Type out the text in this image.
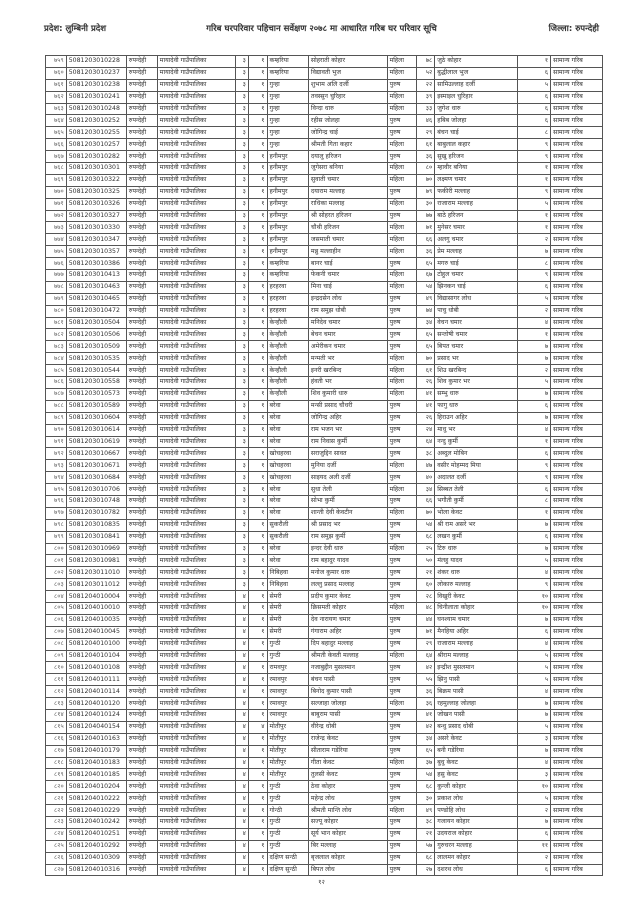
प्रदेश: लुम्बिनी प्रदेश	गरिब घरपरिवार पहिचान सर्वेक्षण २०७८ मा आधारित गरिब घर परिवार सूचि	जिल्ला: रुपन्देही
७५९	5081203010228	रुपन्देही	मायादेवी गाउँपालिका	३	१	कम्हरिया	सोहराती कोहार	महिला	७८	जुठे कोहार	१	सामान्य गरिब
७६०	5081203010237	रुपन्देही	मायादेवी गाउँपालिका	३	१	कम्हरिया	विद्यावती भुज	महिला	५२	बुद्धीलाल भुज	६	सामान्य गरिब
७६१	5081203010238	रुपन्देही	मायादेवी गाउँपालिका	३	१	गुन्हा	शुभाम अलि दर्जी	पुरुष	२२	सामिउल्लाह दर्जी	५	सामान्य गरिब
७६२	5081203010241	रुपन्देही	मायादेवी गाउँपालिका	३	१	गुन्हा	तवस्सुन चुरिहार	महिला	३९	इस्माइल चुरिहार	६	सामान्य गरिब
७६३	5081203010248	रुपन्देही	मायादेवी गाउँपालिका	३	१	गुन्हा	विन्दा धारु	महिला	३३	जुगेश धारु	६	सामान्य गरिब
७६४	5081203010252	रुपन्देही	मायादेवी गाउँपालिका	३	१	गुन्हा	रहीस जोलहा	पुरुष	४६	हबिब जोलहा	६	सामान्य गरिब
७६५	5081203010255	रुपन्देही	मायादेवी गाउँपालिका	३	१	गुन्हा	जोगिन्द्र चाई	पुरुष	२९	बंचन चाई	८	सामान्य गरिब
७६६	5081203010257	रुपन्देही	मायादेवी गाउँपालिका	३	१	गुन्हा	श्रीमती गिता कहार	महिला	६१	बाबुलाल कहार	९	सामान्य गरिब
७६७	5081203010282	रुपन्देही	मायादेवी गाउँपालिका	३	१	हनीमपुर	दयालु हरिजन	पुरुष	३६	सुखु हरिजन	९	सामान्य गरिब
७६८	5081203010301	रुपन्देही	मायादेवी गाउँपालिका	३	१	हनीमपुर	जुगेसरा बनिया	महिला	८०	म्हावीर बनिया	१	सामान्य गरिब
७६९	5081203010322	रुपन्देही	मायादेवी गाउँपालिका	३	१	हनीमपुर	सुवाती चमार	महिला	७०	लक्ष्मण चमार	१	सामान्य गरिब
७७०	5081203010325	रुपन्देही	मायादेवी गाउँपालिका	३	१	हनीमपुर	दयाराम मल्लाह	पुरुष	७९	फकीरी मल्लाह	९	सामान्य गरिब
७७१	5081203010326	रुपन्देही	मायादेवी गाउँपालिका	३	१	हनीमपुर	राधिका मल्लाह	महिला	३०	राजाराम मल्लाह	५	सामान्य गरिब
७७२	5081203010327	रुपन्देही	मायादेवी गाउँपालिका	३	१	हनीमपुर	श्री सोहरत हरिजन	पुरुष	७७	बाठे हरिजन	१	सामान्य गरिब
७७३	5081203010330	रुपन्देही	मायादेवी गाउँपालिका	३	१	हनीमपुर	चौथी हरिजन	महिला	७१	मुनेसर चमार	१	सामान्य गरिब
७७४	5081203010347	रुपन्देही	मायादेवी गाउँपालिका	३	१	हनीमपुर	जसमाती चमार	महिला	६६	अलगु चमार	२	सामान्य गरिब
७७५	5081203010357	रुपन्देही	मायादेवी गाउँपालिका	३	१	हनीमपुर	मन्नु मल्लाहीन	महिला	३६	प्रेम मल्लाह	७	सामान्य गरिब
७७६	5081203010386	रुपन्देही	मायादेवी गाउँपालिका	३	१	कम्हरिया	बानर चाई	पुरुष	६५	मगरु चाई	८	सामान्य गरिब
७७७	5081203010413	रुपन्देही	मायादेवी गाउँपालिका	३	१	कम्हरिया	फेकनी चमार	महिला	६७	टोहुल चमार	९	सामान्य गरिब
७७८	5081203010463	रुपन्देही	मायादेवी गाउँपालिका	३	१	हरहरवा	मिना चाई	महिला	५४	झिनकन चाई	६	सामान्य गरिब
७७९	5081203010465	रुपन्देही	मायादेवी गाउँपालिका	३	१	हरहरवा	इन्द्रदसेन लोध	पुरुष	४९	विद्यासागर लोध	५	सामान्य गरिब
७८०	5081203010472	रुपन्देही	मायादेवी गाउँपालिका	३	१	हरहरवा	राम समुझ धोबी	पुरुष	७४	पाचु धोबी	२	सामान्य गरिब
७८१	5081203010504	रुपन्देही	मायादेवी गाउँपालिका	३	१	केन्हौली	मनिदेव चमार	पुरुष	३४	वेचन चमार	४	सामान्य गरिब
७८२	5081203010506	रुपन्देही	मायादेवी गाउँपालिका	३	१	केन्हौली	बेचन चमार	पुरुष	६५	सन्तोषी चमार	१	सामान्य गरिब
७८३	5081203010509	रुपन्देही	मायादेवी गाउँपालिका	३	१	केन्हौली	अमेरीकन चमार	पुरुष	६५	बिपत चमार	७	सामान्य गरिब
७८४	5081203010535	रुपन्देही	मायादेवी गाउँपालिका	३	१	केन्हौली	मन्मती भर	महिला	७०	प्रसाद भर	७	सामान्य गरिब
७८५	5081203010544	रुपन्देही	मायादेवी गाउँपालिका	३	१	केन्हौली	इनरी खरबिन्द	महिला	६१	शिउ खरबिन्द	२	सामान्य गरिब
७८६	5081203010558	रुपन्देही	मायादेवी गाउँपालिका	३	१	केन्हौली	हंवती भर	महिला	२६	शिव कुमार भर	५	सामान्य गरिब
७८७	5081203010573	रुपन्देही	मायादेवी गाउँपालिका	३	१	केन्हौली	शिव कुमारी धारु	महिला	४१	सम्भु धारु	७	सामान्य गरिब
७८८	5081203010589	रुपन्देही	मायादेवी गाउँपालिका	३	१	बरेवा	मन्सी प्रसाद चौधरी	पुरुष	४१	फागु धारु	६	सामान्य गरिब
७८९	5081203010604	रुपन्देही	मायादेवी गाउँपालिका	३	१	बरेवा	जोगिन्द्र अहिर	पुरुष	२६	हिराउन अहिर	७	सामान्य गरिब
७९०	5081203010614	रुपन्देही	मायादेवी गाउँपालिका	३	१	बरेवा	राम भजन भर	पुरुष	२४	माधु भर	४	सामान्य गरिब
७९१	5081203010619	रुपन्देही	मायादेवी गाउँपालिका	३	१	बरेवा	राम निवास कुर्मी	पुरुष	६४	नन्दु कुर्मी	१	सामान्य गरिब
७९२	5081203010667	रुपन्देही	मायादेवी गाउँपालिका	३	१	खोचहरवा	सराजुद्दिन सावत	पुरुष	३८	अब्दुल मोबिन	६	सामान्य गरिब
७९३	5081203010671	रुपन्देही	मायादेवी गाउँपालिका	३	१	खोचहरवा	मुनिया दर्जी	महिला	४७	वसीर मोहम्मद मिया	९	सामान्य गरिब
७९४	5081203010684	रुपन्देही	मायादेवी गाउँपालिका	३	१	खोचहरवा	साइयद अली दर्जी	पुरुष	४०	अदालत दर्जी	९	सामान्य गरिब
७९५	5081203010706	रुपन्देही	मायादेवी गाउँपालिका	३	१	बरेवा	सुधा तेली	महिला	३४	सिब्बत तेली	६	सामान्य गरिब
७९६	5081203010748	रुपन्देही	मायादेवी गाउँपालिका	३	१	बरेवा	सोभा कुर्मी	पुरुष	६६	भगौती कुर्मी	८	सामान्य गरिब
७९७	5081203010782	रुपन्देही	मायादेवी गाउँपालिका	३	१	बरेवा	शान्ती देवी केवटीन	महिला	७०	भोला केवट	१	सामान्य गरिब
७९८	5081203010835	रुपन्देही	मायादेवी गाउँपालिका	३	१	सुकरौली	श्री प्रसाद भर	पुरुष	५४	श्री राम असरे भर	७	सामान्य गरिब
७९९	5081203010841	रुपन्देही	मायादेवी गाउँपालिका	३	१	सुकरौली	राम समुझ कुर्मी	पुरुष	६८	लखन कुर्मी	६	सामान्य गरिब
८००	5081203010969	रुपन्देही	मायादेवी गाउँपालिका	३	१	बरेवा	इन्दर देवी धारु	महिला	२५	टिरु धारु	७	सामान्य गरिब
८०१	5081203010981	रुपन्देही	मायादेवी गाउँपालिका	३	१	बरेवा	राम बहादुर यादव	पुरुष	५०	मंलहु यादव	५	सामान्य गरिब
८०२	5081203011010	रुपन्देही	मायादेवी गाउँपालिका	३	१	निबिहवा	मनोज कुमार धारु	पुरुष	२१	शंकर धारु	४	सामान्य गरिब
८०३	5081203011012	रुपन्देही	मायादेवी गाउँपालिका	३	१	निबिहवा	लल्लु प्रसाद मल्लाह	पुरुष	६०	लोकारु मल्लाह	९	सामान्य गरिब
८०४	5081204010004	रुपन्देही	मायादेवी गाउँपालिका	४	१	सेमरी	प्रदीप कुमार केवट	पुरुष	२८	विखुरी केवट	१०	सामान्य गरिब
८०५	5081204010010	रुपन्देही	मायादेवी गाउँपालिका	४	१	सेमरी	क्रिसमती कोहार	महिला	४८	चिनीलाता कोहार	१०	सामान्य गरिब
८०६	5081204010035	रुपन्देही	मायादेवी गाउँपालिका	४	१	सेमरी	देव नारायण चमार	पुरुष	४४	घनश्याम चमार	७	सामान्य गरिब
८०७	5081204010045	रुपन्देही	मायादेवी गाउँपालिका	४	१	सेमरी	गंगाराम अहिर	पुरुष	७१	मैनहिया अहिर	६	सामान्य गरिब
८०८	5081204010100	रुपन्देही	मायादेवी गाउँपालिका	४	१	गुन्ठी	दिप बहादुर मल्लाह	पुरुष	२९	राजाराम मल्लाह	४	सामान्य गरिब
८०९	5081204010104	रुपन्देही	मायादेवी गाउँपालिका	४	१	गुन्ठी	श्रीमती केवती मल्लाह	महिला	६४	श्रीराम मल्लाह	५	सामान्य गरिब
८१०	5081204010108	रुपन्देही	मायादेवी गाउँपालिका	४	१	रामवपुर	नजाबुद्दीन मुसलमान	पुरुष	४२	इन्द्रीश मुसलमान	५	सामान्य गरिब
८११	5081204010111	रुपन्देही	मायादेवी गाउँपालिका	४	१	रमावपुर	बंचन पासी	पुरुष	५५	झिनु पासी	५	सामान्य गरिब
८१२	5081204010114	रुपन्देही	मायादेवी गाउँपालिका	४	१	रमावपुर	बिनोद कुमार पासी	पुरुष	३६	बिक्रम पासी	४	सामान्य गरिब
८१३	5081204010120	रुपन्देही	मायादेवी गाउँपालिका	४	१	रमावपुर	सल्जाहा जोलहा	महिला	३६	रहमुल्लाह जोलहा	७	सामान्य गरिब
८१४	5081204010124	रुपन्देही	मायादेवी गाउँपालिका	४	१	रमावपुर	बाबुराम पासी	पुरुष	४१	जोखन पासी	७	सामान्य गरिब
८१५	5081204040154	रुपन्देही	मायादेवी गाउँपालिका	४	४	मोतीपुर	वीरेन्द्र धोबी	पुरुष	४२	बन्धु प्रसाद धोबी	५	सामान्य गरिब
८१६	5081204010163	रुपन्देही	मायादेवी गाउँपालिका	४	१	मोतीपुर	राजेन्द्र केवट	पुरुष	३४	असरे केवट	३	सामान्य गरिब
८१७	5081204010179	रुपन्देही	मायादेवी गाउँपालिका	४	१	मोतीपुर	सीताराम गडेरिया	पुरुष	६५	बनी गडेरिया	७	सामान्य गरिब
८१८	5081204010183	रुपन्देही	मायादेवी गाउँपालिका	४	१	मोतीपुर	गीता केवट	महिला	३७	बुधु केवट	४	सामान्य गरिब
८१९	5081204010185	रुपन्देही	मायादेवी गाउँपालिका	४	१	मोतीपुर	तुलसी केवट	पुरुष	५४	हसु केवट	३	सामान्य गरिब
८२०	5081204010204	रुपन्देही	मायादेवी गाउँपालिका	४	१	गुन्ठी	ठेवा कोहार	पुरुष	६८	कुन्जी कोहार	१०	सामान्य गरिब
८२१	5081204010222	रुपन्देही	मायादेवी गाउँपालिका	४	१	गुन्ठी	महेन्द्र लोध	पुरुष	३०	प्रकाश लोध	५	सामान्य गरिब
८२२	5081204010229	रुपन्देही	मायादेवी गाउँपालिका	४	१	गोन्ठी	श्रीमती मान्ति लोध	महिला	४९	पण्डोहि लोध	२	सामान्य गरिब
८२३	5081204010242	रुपन्देही	मायादेवी गाउँपालिका	४	१	गुन्ठी	सज्पू कोहार	पुरुष	३८	गजायन कोहार	७	सामान्य गरिब
८२४	5081204010251	रुपन्देही	मायादेवी गाउँपालिका	४	१	गुन्ठी	सूर्य भान कोहार	पुरुष	२१	उदयराज कोहार	६	सामान्य गरिब
८२५	5081204010292	रुपन्देही	मायादेवी गाउँपालिका	४	१	गुन्ठी	बिर मल्लाह	पुरुष	५७	गुरुचरन मल्लाह	११	सामान्य गरिब
८२६	5081204010309	रुपन्देही	मायादेवी गाउँपालिका	४	१	दक्षिण सन्ठी	बृजलाल कोहार	पुरुष	६८	लालमन कोहार	२	सामान्य गरिब
८२७	5081204010316	रुपन्देही	मायादेवी गाउँपालिका	४	१	दक्षिण सुन्ठी	बिपत लोध	पुरुष	२७	दशरथ लोध	६	सामान्य गरिब
१२
